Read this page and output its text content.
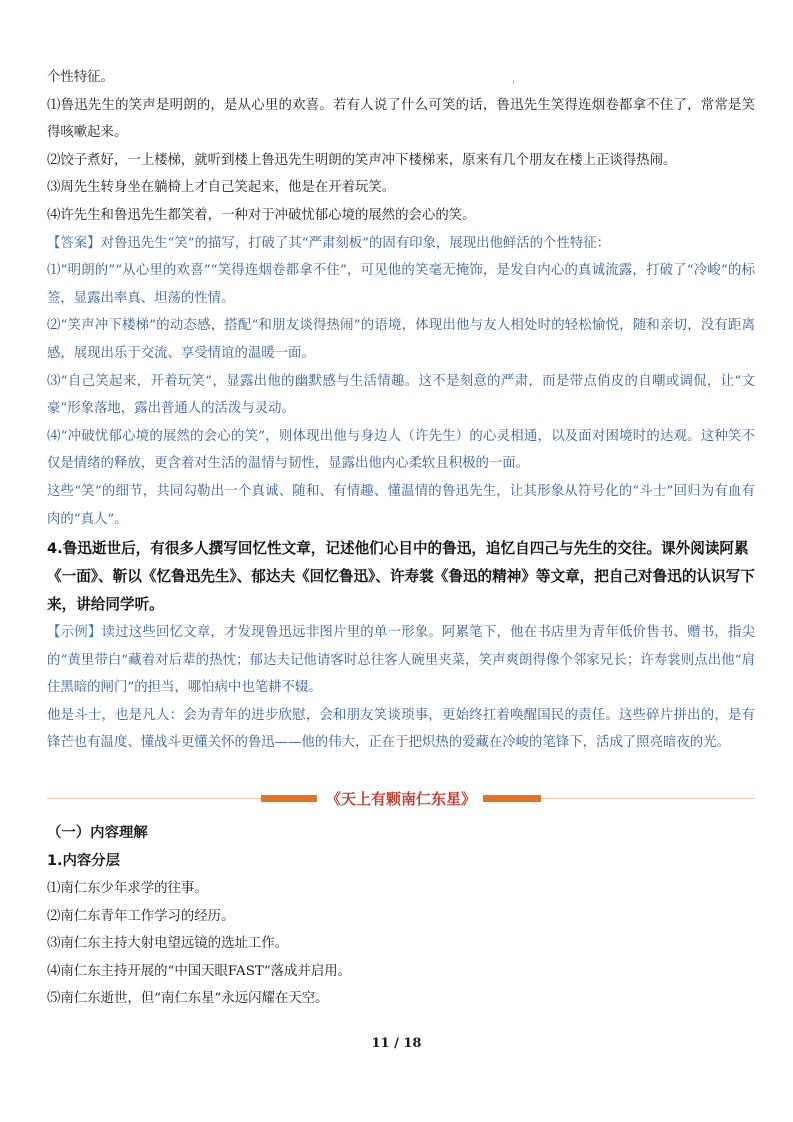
个性特征。

⑴鲁迅先生的笑声是明朗的，是从心里的欢喜。若有人说了什么可笑的话，鲁迅先生笑得连烟卷都拿不住了，常常是笑得咳嗽起来。

⑵饺子煮好，一上楼梯，就听到楼上鲁迅先生明朗的笑声冲下楼梯来，原来有几个朋友在楼上正谈得热闹。

⑶周先生转身坐在躺椅上才自己笑起来，他是在开着玩笑。

⑷许先生和鲁迅先生都笑着，一种对于冲破忧郁心境的展然的会心的笑。

【答案】对鲁迅先生“笑”的描写，打破了其“严肃刻板”的固有印象，展现出他鲜活的个性特征：

⑴“明朗的”“从心里的欢喜”“笑得连烟卷都拿不住”，可见他的笑毫无掩饰，是发自内心的真诚流露，打破了“冷峻”的标签，显露出率真、坦荡的性情。

⑵“笑声冲下楼梯”的动态感，搭配“和朋友谈得热闹”的语境，体现出他与友人相处时的轻松愉悦，随和亲切，没有距离感，展现出乐于交流、享受情谊的温暖一面。

⑶“自己笑起来，开着玩笑”，显露出他的幽默感与生活情趣。这不是刻意的严肃，而是带点俏皮的自嘲或调侃，让“文豪”形象落地，露出普通人的活泼与灵动。

⑷“冲破忧郁心境的展然的会心的笑”，则体现出他与身边人（许先生）的心灵相通，以及面对困境时的达观。这种笑不仅是情绪的释放，更含着对生活的温情与韧性，显露出他内心柔软且积极的一面。

这些“笑”的细节，共同勾勒出一个真诚、随和、有情趣、懂温情的鲁迅先生，让其形象从符号化的“斗士”回归为有血有肉的“真人”。

4.鲁迅逝世后，有很多人撰写回忆性文章，记述他们心目中的鲁迅，追忆自四己与先生的交往。课外阅读阿累《一面》、靳以《忆鲁迅先生》、郁达夫《回忆鲁迅》、许寿裳《鲁迅的精神》等文章，把自己对鲁迅的认识写下来，讲给同学听。

【示例】读过这些回忆文章，才发现鲁迅远非图片里的单一形象。阿累笔下，他在书店里为青年低价售书、赠书，指尖的“黄里带白”藏着对后辈的热忱；郁达夫记他请客时总往客人碗里夹菜，笑声爽朗得像个邻家兄长；许寿裳则点出他“肩住黑暗的闸门”的担当，哪怕病中也笔耕不辍。

他是斗士，也是凡人：会为青年的进步欣慰，会和朋友笑谈琐事，更始终扛着唤醒国民的责任。这些碎片拼出的，是有锋芒也有温度、懂战斗更懂关怀的鲁迅——他的伟大，正在于把炽热的爱藏在冷峻的笔锋下，活成了照亮暗夜的光。

《天上有颗南仁东星》

（一）内容理解

1.内容分层

⑴南仁东少年求学的往事。

⑵南仁东青年工作学习的经历。

⑶南仁东主持大射电望远镜的选址工作。

⑷南仁东主持开展的“中国天眼FAST”落成并启用。

⑸南仁东逝世，但“南仁东星”永远闪耀在天空。

11 / 18
